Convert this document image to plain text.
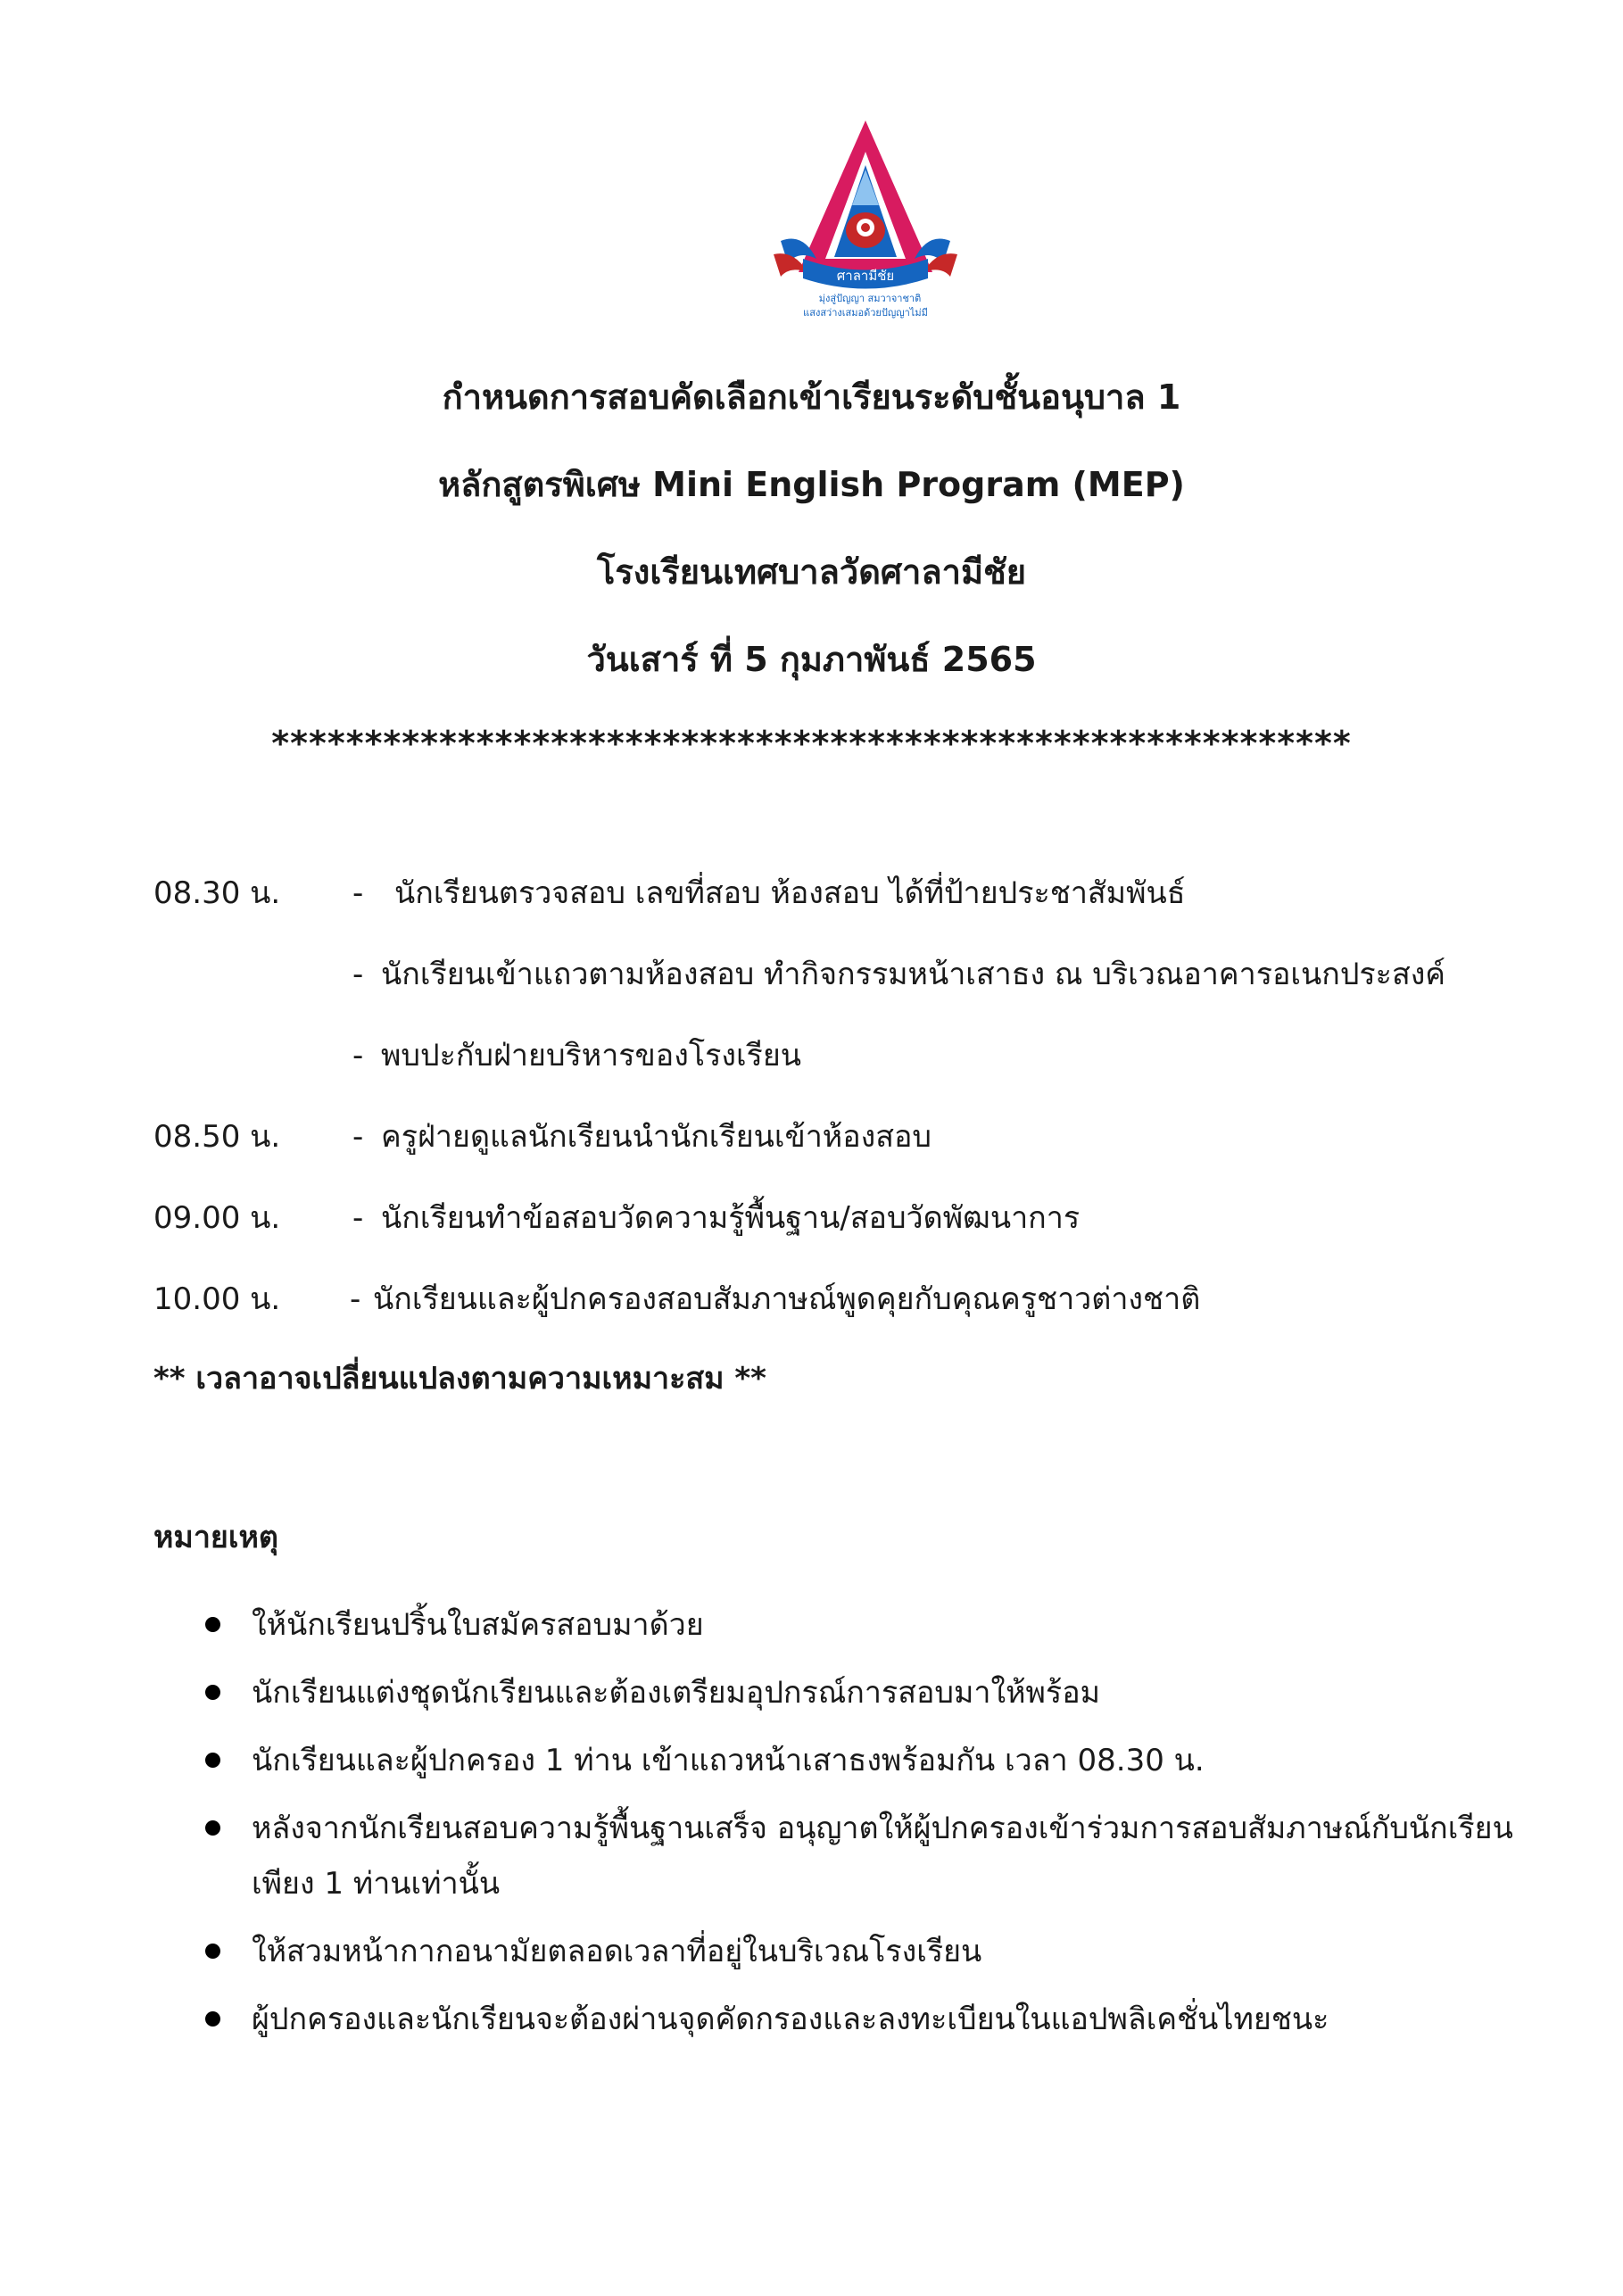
ศาลามีชัย
มุ่งสู่ปัญญา สมวาจาชาติ
แสงสว่างเสมอด้วยปัญญาไม่มี
กำหนดการสอบคัดเลือกเข้าเรียนระดับชั้นอนุบาล 1
หลักสูตรพิเศษ Mini English Program (MEP)
โรงเรียนเทศบาลวัดศาลามีชัย
วันเสาร์ ที่ 5 กุมภาพันธ์ 2565
**********************************************************
08.30 น.	- นักเรียนตรวจสอบ เลขที่สอบ ห้องสอบ ได้ที่ป้ายประชาสัมพันธ์
- นักเรียนเข้าแถวตามห้องสอบ ทำกิจกรรมหน้าเสาธง ณ บริเวณอาคารอเนกประสงค์
- พบปะกับฝ่ายบริหารของโรงเรียน
08.50 น.	- ครูฝ่ายดูแลนักเรียนนำนักเรียนเข้าห้องสอบ
09.00 น.	- นักเรียนทำข้อสอบวัดความรู้พื้นฐาน/สอบวัดพัฒนาการ
10.00 น.	- นักเรียนและผู้ปกครองสอบสัมภาษณ์พูดคุยกับคุณครูชาวต่างชาติ
** เวลาอาจเปลี่ยนแปลงตามความเหมาะสม **
หมายเหตุ
ให้นักเรียนปริ้นใบสมัครสอบมาด้วย
นักเรียนแต่งชุดนักเรียนและต้องเตรียมอุปกรณ์การสอบมาให้พร้อม
นักเรียนและผู้ปกครอง 1 ท่าน เข้าแถวหน้าเสาธงพร้อมกัน เวลา 08.30 น.
หลังจากนักเรียนสอบความรู้พื้นฐานเสร็จ อนุญาตให้ผู้ปกครองเข้าร่วมการสอบสัมภาษณ์กับนักเรียนเพียง 1 ท่านเท่านั้น
ให้สวมหน้ากากอนามัยตลอดเวลาที่อยู่ในบริเวณโรงเรียน
ผู้ปกครองและนักเรียนจะต้องผ่านจุดคัดกรองและลงทะเบียนในแอปพลิเคชั่นไทยชนะ
